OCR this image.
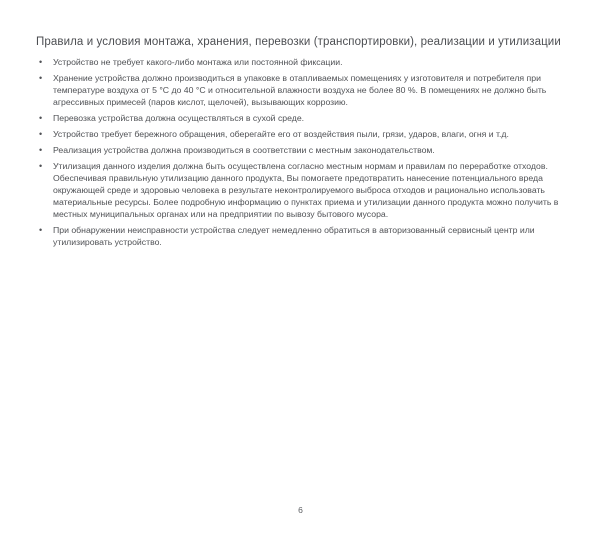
Правила и условия монтажа, хранения, перевозки (транспортировки), реализации и утилизации
• Устройство не требует какого-либо монтажа или постоянной фиксации.
• Хранение устройства должно производиться в упаковке в отапливаемых помещениях у изготовителя и потребителя при температуре воздуха от 5 °C до 40 °C и относительной влажности воздуха не более 80 %. В помещениях не должно быть агрессивных примесей (паров кислот, щелочей), вызывающих коррозию.
• Перевозка устройства должна осуществляться в сухой среде.
• Устройство требует бережного обращения, оберегайте его от воздействия пыли, грязи, ударов, влаги, огня и т.д.
• Реализация устройства должна производиться в соответствии с местным законодательством.
• Утилизация данного изделия должна быть осуществлена согласно местным нормам и правилам по переработке отходов. Обеспечивая правильную утилизацию данного продукта, Вы помогаете предотвратить нанесение потенциального вреда окружающей среде и здоровью человека в результате неконтролируемого выброса отходов и рационально использовать материальные ресурсы. Более подробную информацию о пунктах приема и утилизации данного продукта можно получить в местных муниципальных органах или на предприятии по вывозу бытового мусора.
• При обнаружении неисправности устройства следует немедленно обратиться в авторизованный сервисный центр или утилизировать устройство.
6
